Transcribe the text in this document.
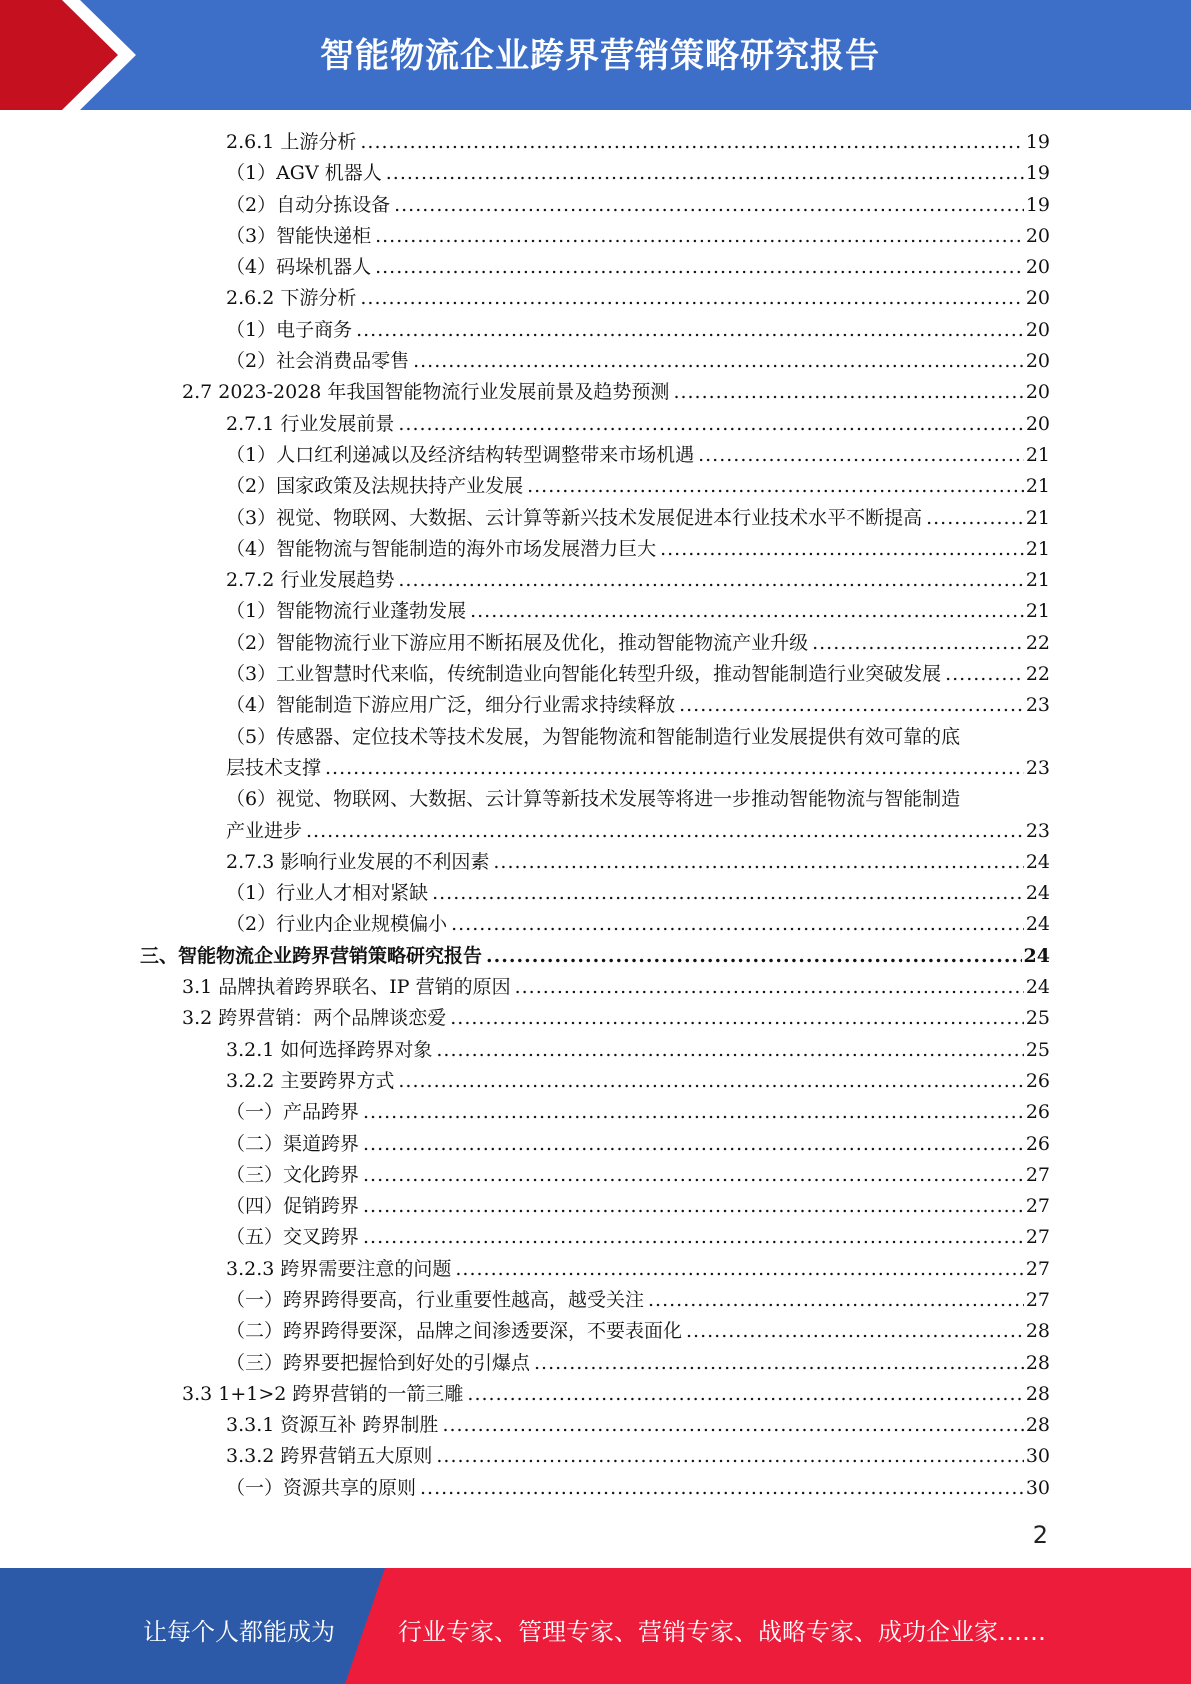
智能物流企业跨界营销策略研究报告
2.6.1 上游分析 .....	19
（1）AGV 机器人 .....	19
（2）自动分拣设备 .....	19
（3）智能快递柜 .....	20
（4）码垛机器人 .....	20
2.6.2 下游分析 .....	20
（1）电子商务 .....	20
（2）社会消费品零售 .....	20
2.7 2023-2028 年我国智能物流行业发展前景及趋势预测 .....	20
2.7.1 行业发展前景 .....	20
（1）人口红利递减以及经济结构转型调整带来市场机遇 .....	21
（2）国家政策及法规扶持产业发展 .....	21
（3）视觉、物联网、大数据、云计算等新兴技术发展促进本行业技术水平不断提高 .....	21
（4）智能物流与智能制造的海外市场发展潜力巨大 .....	21
2.7.2 行业发展趋势 .....	21
（1）智能物流行业蓬勃发展 .....	21
（2）智能物流行业下游应用不断拓展及优化，推动智能物流产业升级 .....	22
（3）工业智慧时代来临，传统制造业向智能化转型升级，推动智能制造行业突破发展 .....	22
（4）智能制造下游应用广泛，细分行业需求持续释放 .....	23
（5）传感器、定位技术等技术发展，为智能物流和智能制造行业发展提供有效可靠的底
层技术支撑 .....	23
（6）视觉、物联网、大数据、云计算等新技术发展等将进一步推动智能物流与智能制造
产业进步 .....	23
2.7.3 影响行业发展的不利因素 .....	24
（1）行业人才相对紧缺 .....	24
（2）行业内企业规模偏小 .....	24
三、智能物流企业跨界营销策略研究报告 .....	24
3.1 品牌执着跨界联名、IP 营销的原因 .....	24
3.2 跨界营销：两个品牌谈恋爱 .....	25
3.2.1 如何选择跨界对象 .....	25
3.2.2 主要跨界方式 .....	26
（一）产品跨界 .....	26
（二）渠道跨界 .....	26
（三）文化跨界 .....	27
（四）促销跨界 .....	27
（五）交叉跨界 .....	27
3.2.3 跨界需要注意的问题 .....	27
（一）跨界跨得要高，行业重要性越高，越受关注 .....	27
（二）跨界跨得要深，品牌之间渗透要深，不要表面化 .....	28
（三）跨界要把握恰到好处的引爆点 .....	28
3.3 1+1>2 跨界营销的一箭三雕 .....	28
3.3.1 资源互补 跨界制胜 .....	28
3.3.2 跨界营销五大原则 .....	30
（一）资源共享的原则 .....	30
2
让每个人都能成为	行业专家、管理专家、营销专家、战略专家、成功企业家……
